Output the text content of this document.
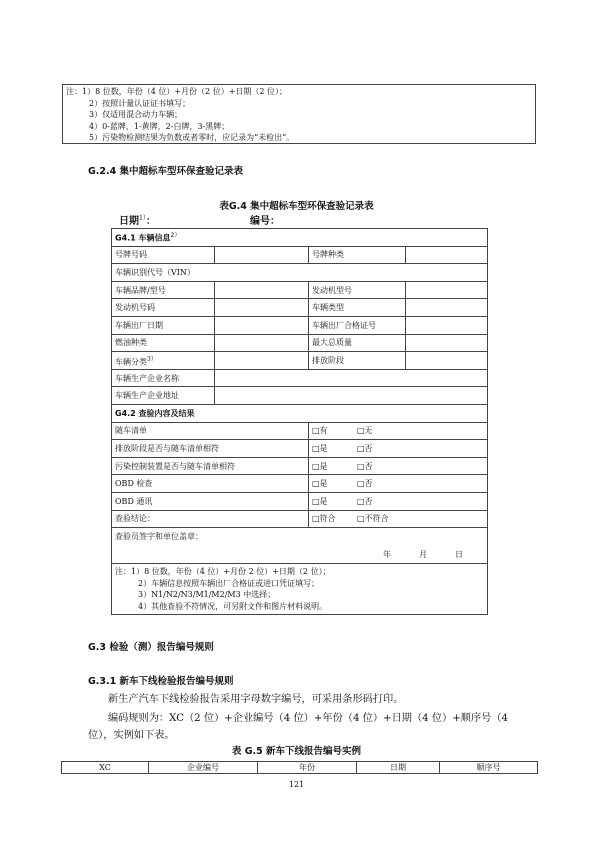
注：1）8 位数，年份（4 位）+月份（2 位）+日期（2 位）；
2）按照计量认证证书填写；
3）仅适用混合动力车辆；
4）0-蓝牌，1-黄牌，2-白牌，3-黑牌；
5）污染物检测结果为负数或者零时，应记录为“未检出”。
G.2.4 集中超标车型环保查验记录表
表G.4 集中超标车型环保查验记录表
日期$^{1)}$：	编号：
G4.1 车辆信息$^{2)}$
号牌号码		号牌种类	
车辆识别代号（VIN）			
车辆品牌/型号		发动机型号	
发动机号码		车辆类型	
车辆出厂日期		车辆出厂合格证号	
燃油种类		最大总质量	
车辆分类$^{3)}$		排放阶段	
车辆生产企业名称			
车辆生产企业地址			
G4.2 查验内容及结果			
随车清单		□有 □无	
排放阶段是否与随车清单相符		□是 □否	
污染控制装置是否与随车清单相符		□是 □否	
OBD 检查		□是 □否	
OBD 通讯		□是 □否	
查验结论：		□符合 □不符合	
查验员签字和单位盖章：
年 月 日			

注：1）8 位数，年份（4 位）+月份 2 位）+日期（2 位）；
2）车辆信息按照车辆出厂合格证或进口凭证填写；
3）N1/N2/N3/M1/M2/M3 中选择；
4）其他查验不符情况，可另附文件和图片材料说明。			
G.3 检验（测）报告编号规则
G.3.1 新车下线检验报告编号规则
新生产汽车下线检验报告采用字母数字编号，可采用条形码打印。
编码规则为：XC（2 位）+企业编号（4 位）+年份（4 位）+日期（4 位）+顺序号（4
位），实例如下表。
表 G.5 新车下线报告编号实例
XC	企业编号	年份	日期	顺序号
121
